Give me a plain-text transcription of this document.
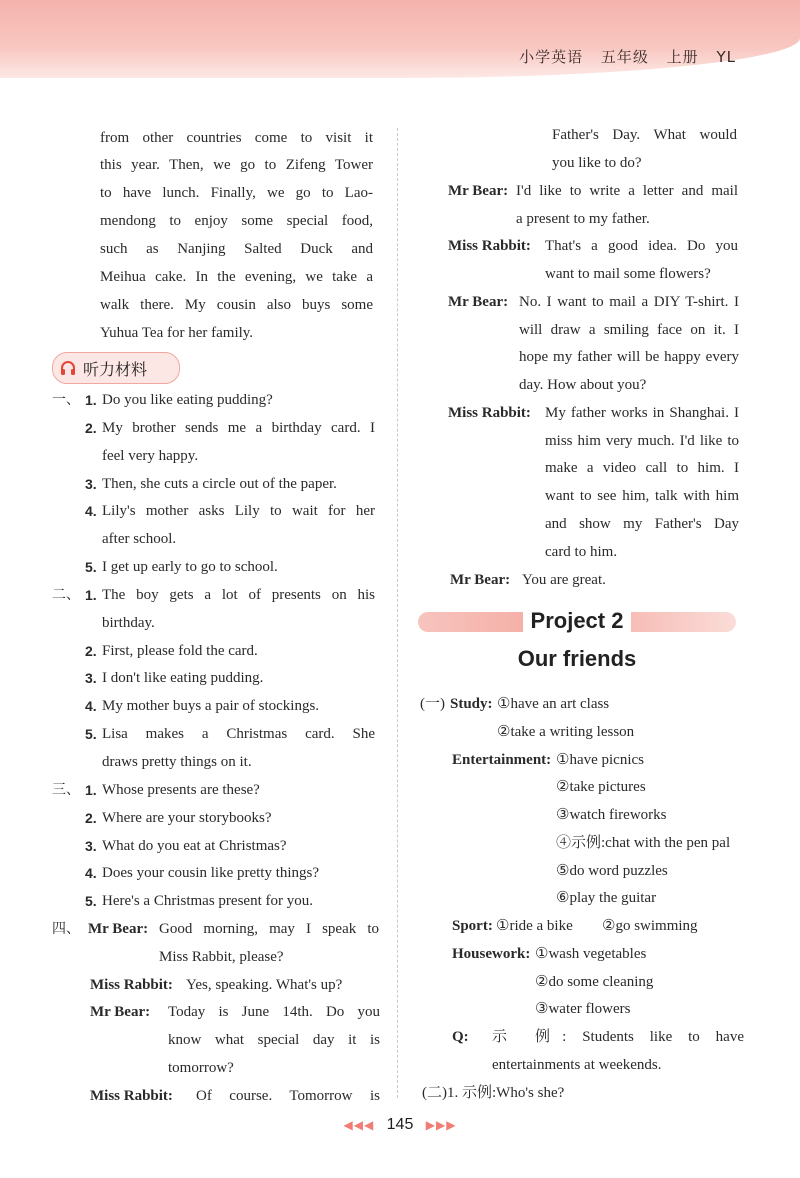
小学英语 五年级 上册 YL
from other countries come to visit it
this year. Then, we go to Zifeng Tower
to have lunch. Finally, we go to Lao-
mendong to enjoy some special food,
such as Nanjing Salted Duck and
Meihua cake. In the evening, we take a
walk there. My cousin also buys some
Yuhua Tea for her family.
听力材料
一、 1. Do you like eating pudding?
2. My brother sends me a birthday card. I
feel very happy.
3. Then, she cuts a circle out of the paper.
4. Lily's mother asks Lily to wait for her
after school.
5. I get up early to go to school.
二、 1. The boy gets a lot of presents on his
birthday.
2. First, please fold the card.
3. I don't like eating pudding.
4. My mother buys a pair of stockings.
5. Lisa makes a Christmas card. She
draws pretty things on it.
三、 1. Whose presents are these?
2. Where are your storybooks?
3. What do you eat at Christmas?
4. Does your cousin like pretty things?
5. Here's a Christmas present for you.
四、 Mr Bear: Good morning, may I speak to
Miss Rabbit, please?
Miss Rabbit: Yes, speaking. What's up?
Mr Bear: Today is June 14th. Do you
know what special day it is
tomorrow?
Miss Rabbit: Of course. Tomorrow is
Father's Day. What would
you like to do?
Mr Bear: I'd like to write a letter and mail
a present to my father.
Miss Rabbit: That's a good idea. Do you
want to mail some flowers?
Mr Bear: No. I want to mail a DIY T-shirt. I
will draw a smiling face on it. I
hope my father will be happy every
day. How about you?
Miss Rabbit: My father works in Shanghai. I
miss him very much. I'd like to
make a video call to him. I
want to see him, talk with him
and show my Father's Day
card to him.
Mr Bear: You are great.
Project 2
Our friends
(一) Study: ①have an art class
②take a writing lesson
Entertainment: ①have picnics
②take pictures
③watch fireworks
④示例:chat with the pen pal
⑤do word puzzles
⑥play the guitar
Sport: ①ride a bike ②go swimming
Housework: ①wash vegetables
②do some cleaning
③water flowers
Q: 示 例: Students like to have
entertainments at weekends.
(二)1. 示例:Who's she?
◀◀◀ 145 ▶▶▶
